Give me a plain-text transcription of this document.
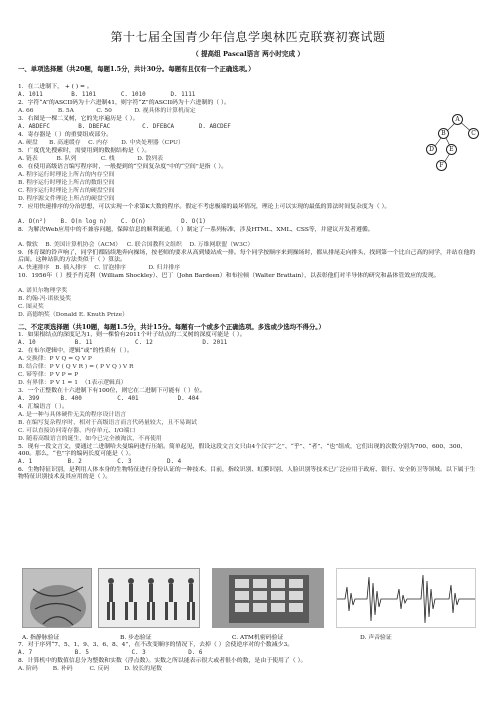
第十七届全国青少年信息学奥林匹克联赛初赛试题
（ 提高组 Pascal语言 两小时完成 ）
一、单项选择题（共20题，每题1.5分，共计30分。每题有且仅有一个正确选项。）
1．在二进制下， + ( ) = 。
A. 1011        B. 1101       C. 1010       D. 1111
2．字符“A”的ASCII码为十六进制41，则字符“Z”的ASCII码为十六进制的（ ）。
A. 66             B. 5A            C. 50            D. 视具体的计算机而定
3．右图是一棵二叉树，它的先序遍历是（ ）。
A. ABDEFC        B. DBEFAC         C. DFEBCA       D. ABCDEF
4．寄存器是（ ）的重要组成部分。
A. 硬盘      B. 高速缓存    C. 内存       D. 中央处理器（CPU）
5．广度优先搜索时，需要用到的数据结构是（ ）。
A. 链表          B. 队列             C. 栈            D. 散列表
6．在使用高级语言编写程序时，一般提到的“空间复杂度”中的“空间”是指（ ）。
A. 程序运行时理论上所占的内存空间
B. 程序运行时理论上所占的数组空间
C. 程序运行时理论上所占的硬盘空间
D. 程序源文件理论上所占的硬盘空间
7．应用快速排序的分治思想，可以实现一个求第K大数的程序。假定不考虑极端的最坏情况，理论上可以实现的最低的算法时间复杂度为（ ）。
A. O(n²)    B. O(n log n)    C. O(n)          D. O(1)
8．为解决Web应用中的不兼容问题，保障信息的顺利流通，（ ）制定了一系列标准，涉及HTML、XML、CSS等，并建议开发者遵循。
A. 微软    B. 美国计算机协会（ACM）   C. 联合国教科文组织    D. 万维网联盟（W3C）
9．体育课的铃声响了，同学们都陆续地奔向操场，按老师的要求从高到矮站成一排。每个同学按顺序来到操场时，都从排尾走向排头，找到第一个比自己高的同学，并站在他的后面。这种站队的方法类似于（ ）算法。
A. 快速排序   B. 插入排序    C. 冒泡排序            D. 归并排序
10．1956年（ ）授予肖克利（William Shockley）、巴丁（John Bardeen）和布拉顿（Walter Brattain），以表彰他们对半导体的研究和晶体管效应的发现。
A. 诺贝尔物理学奖
B. 约翰·冯·诺依曼奖
C. 图灵奖
D. 高德纳奖（Donald E. Knuth Prize）
二、不定项选择题（共10题，每题1.5分，共计15分。每题有一个或多个正确选项。多选或少选均不得分。）
1．如果根结点的深度记为1，则一棵恰有2011个叶子结点的二叉树的深度可能是（ ）。
A. 10           B. 11            C. 12              D. 2011
2．在布尔逻辑中，逻辑“或”的性质有（ ）。
A. 交换律：P V Q = Q V P
B. 结合律：P V ( Q V R ) = ( P V Q ) V R
C. 幂等律：P V P = P
D. 有界律：P V 1 = 1  （1表示逻辑真）
3．一个正整数在十六进制下有100位，则它在二进制下可能有（ ）位。
A. 399      B. 400          C. 401           D. 404
4．汇编语言（ ）。
A. 是一种与具体硬件无关的程序设计语言
B. 在编写复杂程序时，相对于高级语言而言代码量较大，且不易调试
C. 可以直接访问寄存器、内存单元、I/O端口
D. 随着高级语言的诞生，如今已完全被淘汰，不再使用
5．现有一段文言文，要通过二进制哈夫曼编码进行压缩。简单起见，假设这段文言文只由4个汉字“之”、“乎”、“者”、“也”组成，它们出现的次数分别为700、600、300、400。那么，“也”字的编码长度可能是（ ）。
A. 1          B. 2          C. 3          D. 4
6．生物特征识别，是利用人体本身的生物特征进行身份认证的一种技术。目前，指纹识别、虹膜识别、人脸识别等技术已广泛应用于政府、银行、安全防卫等领域。以下属于生物特征识别技术及其应用的是（ ）。
A. 指静脉验证	B. 步态验证	C. ATM机密码验证	D. 声音验证
7．对于序列“7、5、1、9、3、6、8、4”，在不改变顺序的情况下，去掉（ ）会使逆序对的个数减少3。
A. 7            B. 5            C. 3            D. 6
8．计算机中的数值信息分为整数和实数（浮点数）。实数之所以能表示很大或者很小的数，是由于使用了（ ）。
A. 阶码        B. 补码         C. 反码        D. 较长的尾数
A
B	C
D	E
F
